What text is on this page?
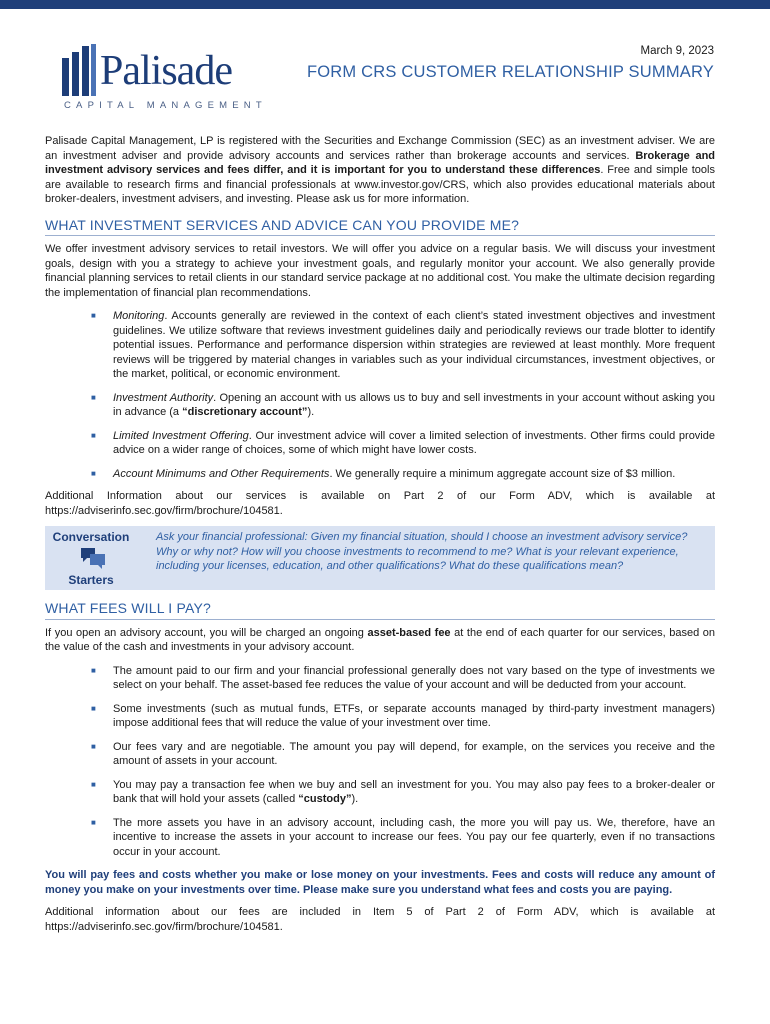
Palisade
CAPITAL MANAGEMENT
March 9, 2023
FORM CRS CUSTOMER RELATIONSHIP SUMMARY

Palisade Capital Management, LP is registered with the Securities and Exchange Commission (SEC) as an investment adviser. We are an investment adviser and provide advisory accounts and services rather than brokerage accounts and services. Brokerage and investment advisory services and fees differ, and it is important for you to understand these differences. Free and simple tools are available to research firms and financial professionals at www.investor.gov/CRS, which also provides educational materials about broker-dealers, investment advisers, and investing. Please ask us for more information.

WHAT INVESTMENT SERVICES AND ADVICE CAN YOU PROVIDE ME?

We offer investment advisory services to retail investors. We will offer you advice on a regular basis. We will discuss your investment goals, design with you a strategy to achieve your investment goals, and regularly monitor your account. We also generally provide financial planning services to retail clients in our standard service package at no additional cost. You make the ultimate decision regarding the implementation of financial plan recommendations.

■ Monitoring. Accounts generally are reviewed in the context of each client’s stated investment objectives and investment guidelines. We utilize software that reviews investment guidelines daily and periodically reviews our trade blotter to identify potential issues. Performance and performance dispersion within strategies are reviewed at least monthly. More frequent reviews will be triggered by material changes in variables such as your individual circumstances, investment objectives, or the market, political, or economic environment.
■ Investment Authority. Opening an account with us allows us to buy and sell investments in your account without asking you in advance (a “discretionary account”).
■ Limited Investment Offering. Our investment advice will cover a limited selection of investments. Other firms could provide advice on a wider range of choices, some of which might have lower costs.
■ Account Minimums and Other Requirements. We generally require a minimum aggregate account size of $3 million.

Additional Information about our services is available on Part 2 of our Form ADV, which is available at https://adviserinfo.sec.gov/firm/brochure/104581.

Conversation
Starters
Ask your financial professional: Given my financial situation, should I choose an investment advisory service? Why or why not? How will you choose investments to recommend to me? What is your relevant experience, including your licenses, education, and other qualifications? What do these qualifications mean?
WHAT FEES WILL I PAY?

If you open an advisory account, you will be charged an ongoing asset-based fee at the end of each quarter for our services, based on the value of the cash and investments in your advisory account.

■ The amount paid to our firm and your financial professional generally does not vary based on the type of investments we select on your behalf. The asset-based fee reduces the value of your account and will be deducted from your account.
■ Some investments (such as mutual funds, ETFs, or separate accounts managed by third-party investment managers) impose additional fees that will reduce the value of your investment over time.
■ Our fees vary and are negotiable. The amount you pay will depend, for example, on the services you receive and the amount of assets in your account.
■ You may pay a transaction fee when we buy and sell an investment for you. You may also pay fees to a broker-dealer or bank that will hold your assets (called “custody”).
■ The more assets you have in an advisory account, including cash, the more you will pay us. We, therefore, have an incentive to increase the assets in your account to increase our fees. You pay our fee quarterly, even if no transactions occur in your account.

You will pay fees and costs whether you make or lose money on your investments. Fees and costs will reduce any amount of money you make on your investments over time. Please make sure you understand what fees and costs you are paying.

Additional information about our fees are included in Item 5 of Part 2 of Form ADV, which is available at https://adviserinfo.sec.gov/firm/brochure/104581.
